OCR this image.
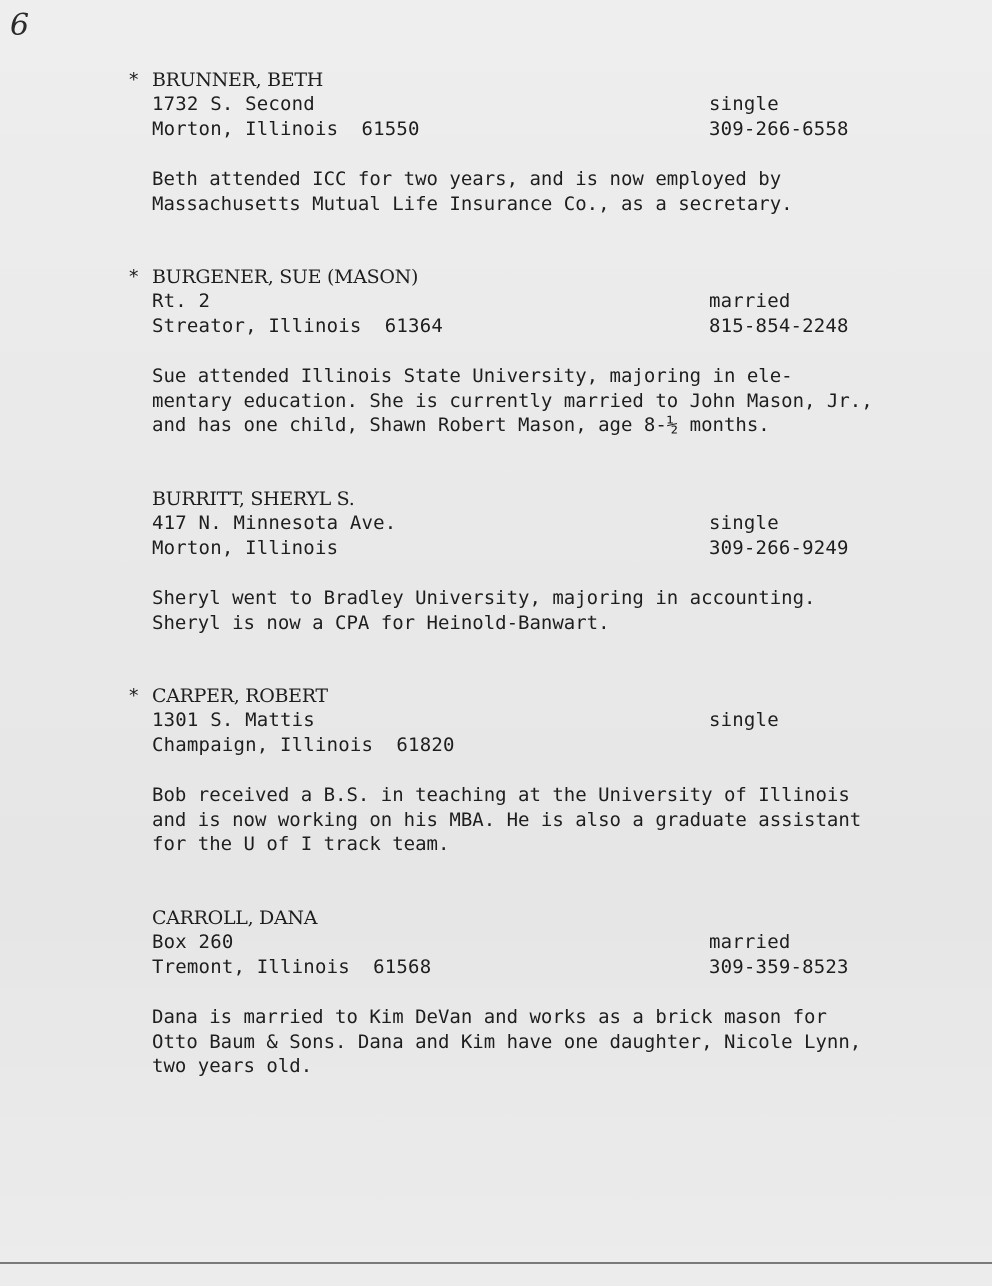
6
* BRUNNER, BETH
1732 S. Second
Morton, Illinois  61550
single
309-266-6558
Beth attended ICC for two years, and is now employed by
Massachusetts Mutual Life Insurance Co., as a secretary.
* BURGENER, SUE (MASON)
Rt. 2
Streator, Illinois  61364
married
815-854-2248
Sue attended Illinois State University, majoring in ele-
mentary education. She is currently married to John Mason, Jr.,
and has one child, Shawn Robert Mason, age 8-½ months.
BURRITT, SHERYL S.
417 N. Minnesota Ave.
Morton, Illinois
single
309-266-9249
Sheryl went to Bradley University, majoring in accounting.
Sheryl is now a CPA for Heinold-Banwart.
* CARPER, ROBERT
1301 S. Mattis
Champaign, Illinois  61820
single
Bob received a B.S. in teaching at the University of Illinois
and is now working on his MBA. He is also a graduate assistant
for the U of I track team.
CARROLL, DANA
Box 260
Tremont, Illinois  61568
married
309-359-8523
Dana is married to Kim DeVan and works as a brick mason for
Otto Baum & Sons. Dana and Kim have one daughter, Nicole Lynn,
two years old.
